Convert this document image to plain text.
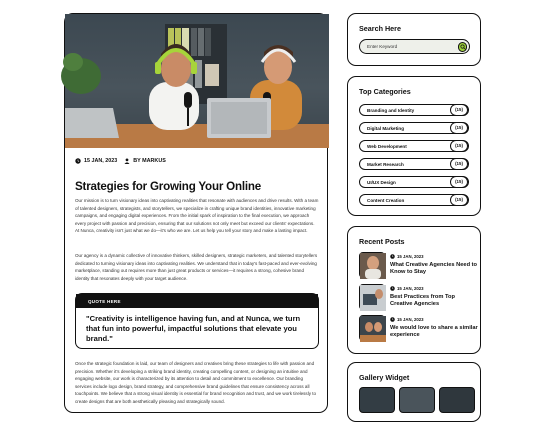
15 JAN, 2023	BY MARKUS
Strategies for Growing Your Online
Our mission is to turn visionary ideas into captivating realities that resonate with audiences and drive results. With a team of talented designers, strategists, and storytellers, we specialize in crafting unique brand identities, innovative marketing campaigns, and engaging digital experiences. From the initial spark of inspiration to the final execution, we approach every project with passion and precision, ensuring that our solutions not only meet but exceed our clients' expectations. At Nunca, creativity isn't just what we do—it's who we are. Let us help you tell your story and make a lasting impact.
Our agency is a dynamic collective of innovative thinkers, skilled designers, strategic marketers, and talented storytellers dedicated to turning visionary ideas into captivating realities. We understand that in today's fast-paced and ever-evolving marketplace, standing out requires more than just great products or services—it requires a strong, cohesive brand identity that resonates deeply with your target audience.
QUOTE HERE
"Creativity is intelligence having fun, and at Nunca, we turn that fun into powerful, impactful solutions that elevate you brand."
Once the strategic foundation is laid, our team of designers and creatives bring these strategies to life with passion and precision. Whether it's developing a striking brand identity, creating compelling content, or designing an intuitive and engaging website, our work is characterized by its attention to detail and commitment to excellence. Our branding services include logo design, brand strategy, and comprehensive brand guidelines that ensure consistency across all touchpoints. We believe that a strong visual identity is essential for brand recognition and trust, and we work tirelessly to create designs that are both aesthetically pleasing and strategically sound.
Search Here
Enter Keyword
Top Categories
Branding and Identity	(15)
Digital Marketing	(15)
Web Development	(15)
Market Research	(15)
UI/UX Design	(15)
Content Creation	(15)
Recent Posts
15 JAN, 2023
What Creative Agencies Need to Know to Stay
15 JAN, 2023
Best Practices from Top Creative Agencies
15 JAN, 2023
We would love to share a similar experience
Gallery Widget
